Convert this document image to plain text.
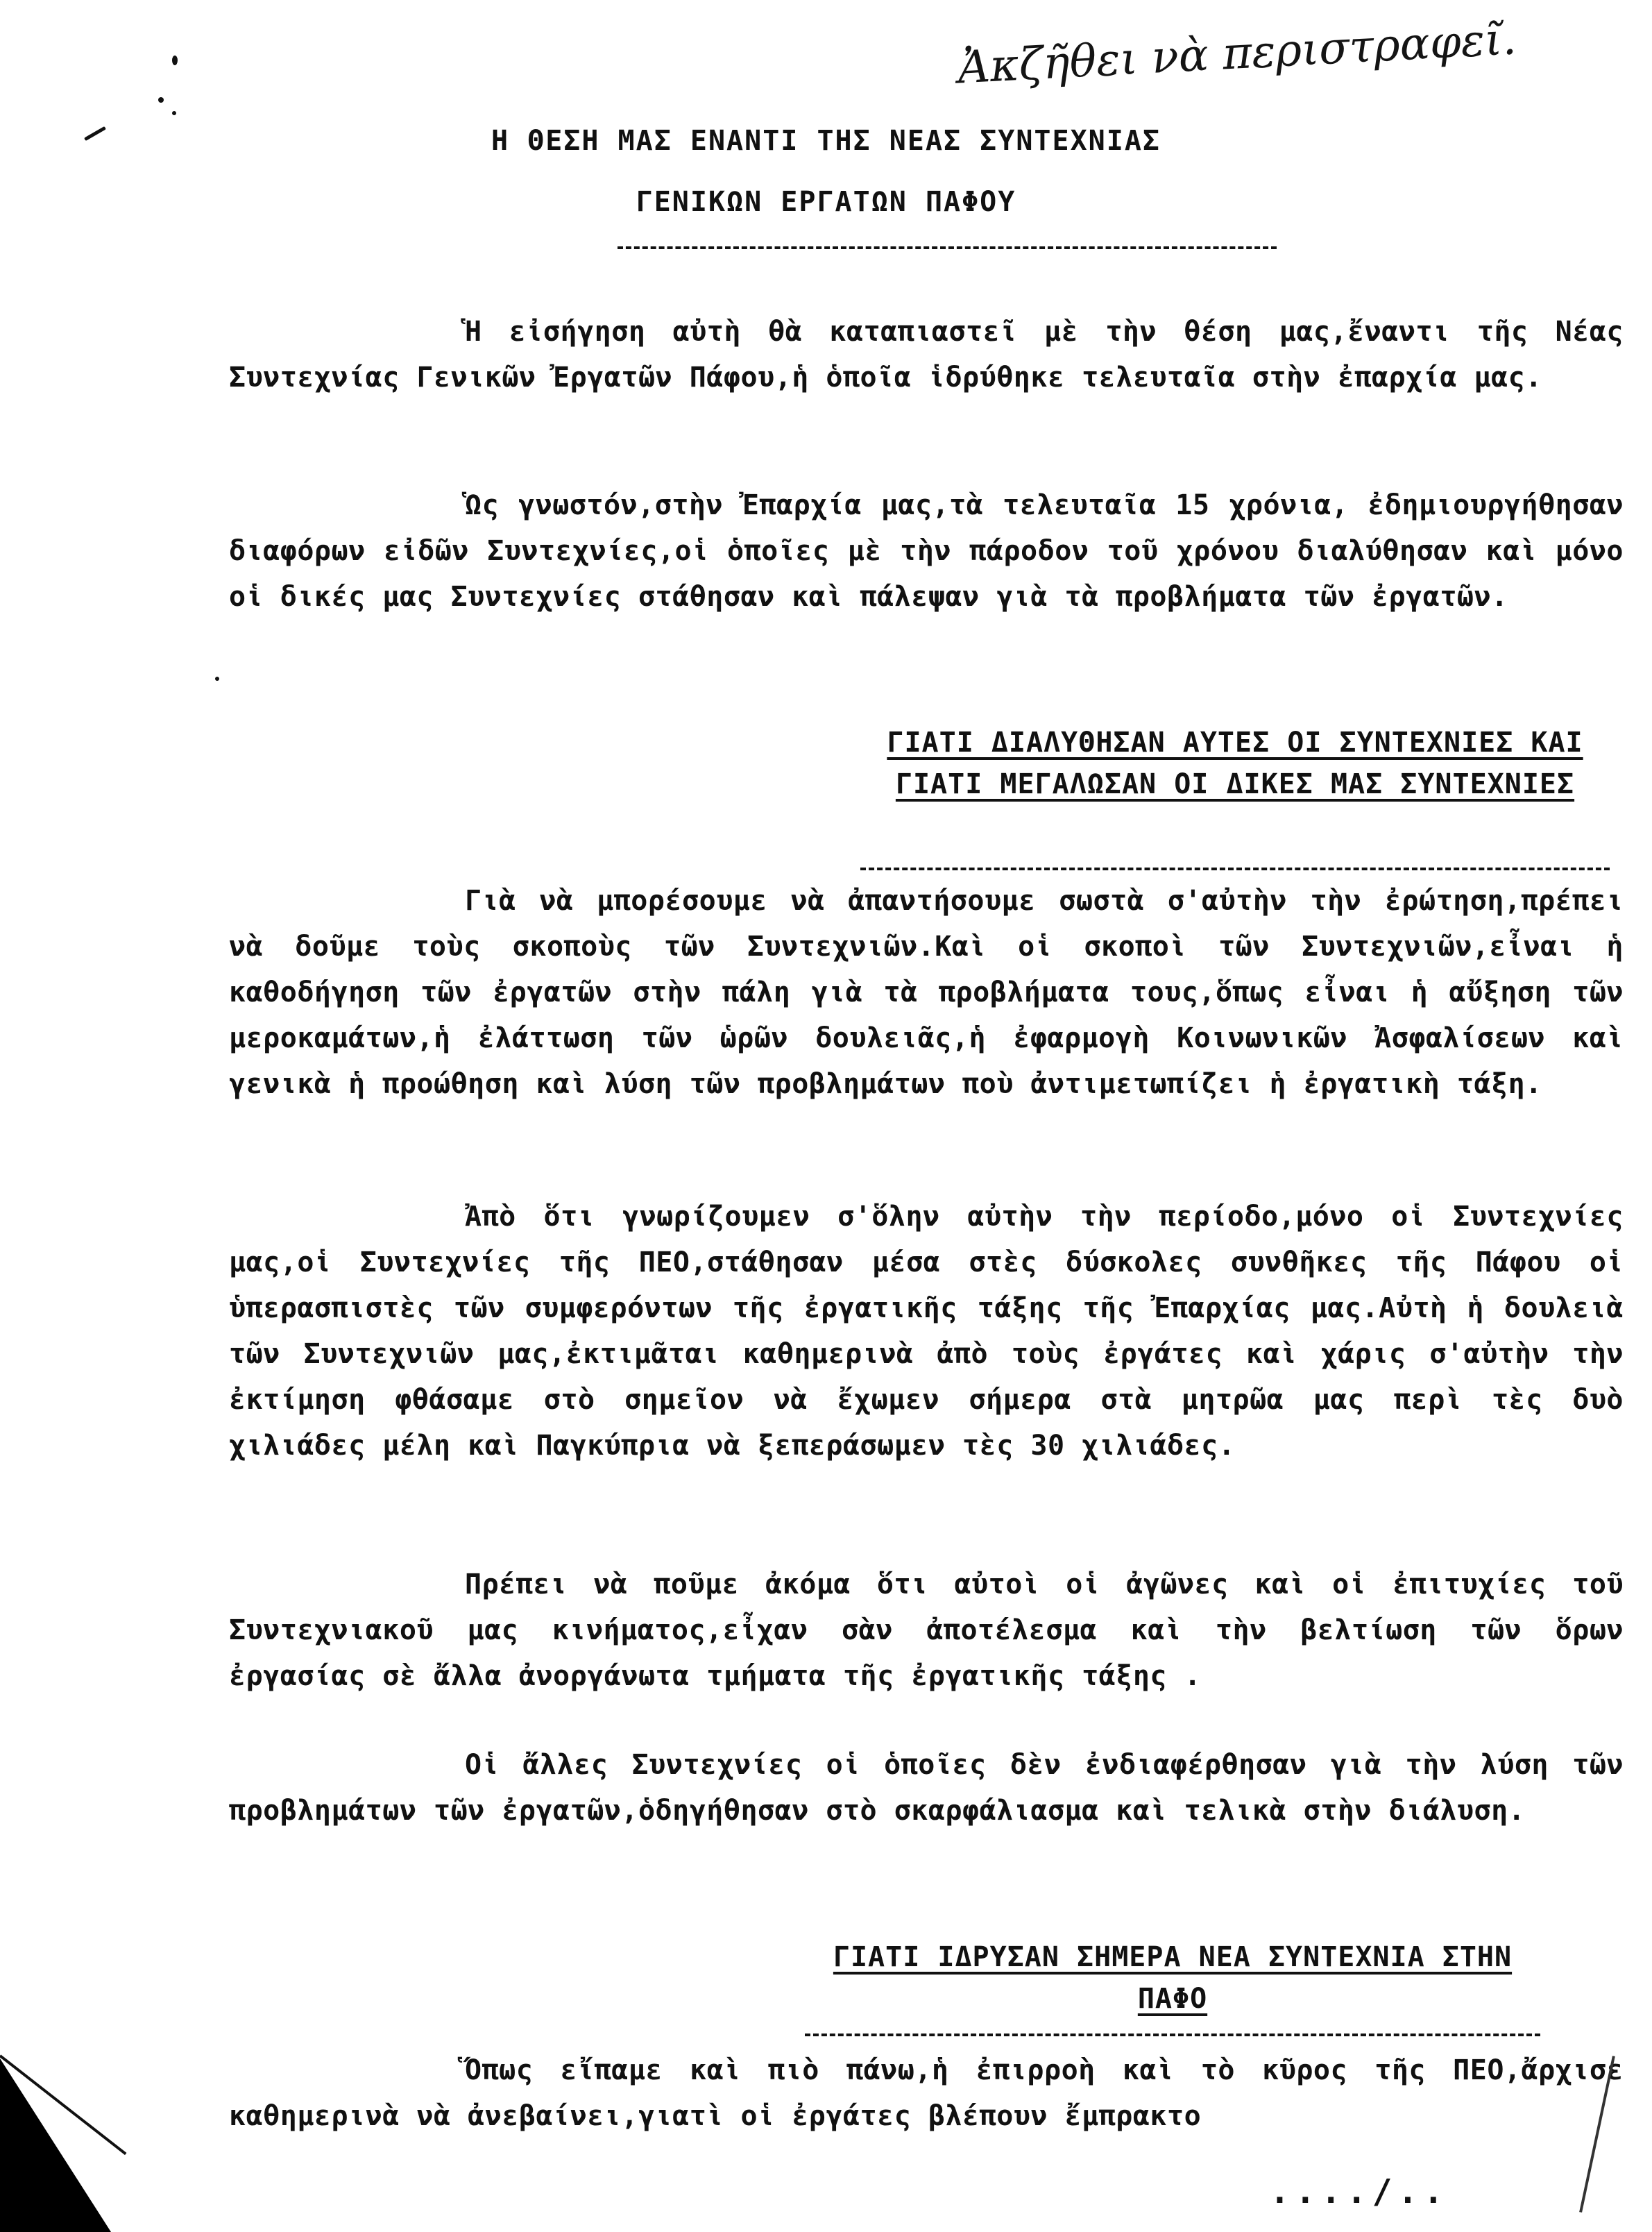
Ἀκζῆθει νὰ περιστραφεῖ.
Η ΘΕΣΗ ΜΑΣ ΕΝΑΝΤΙ ΤΗΣ ΝΕΑΣ ΣΥΝΤΕΧΝΙΑΣ
ΓΕΝΙΚΩΝ ΕΡΓΑΤΩΝ ΠΑΦΟΥ

Ἡ εἰσήγηση αὐτὴ θὰ καταπιαστεῖ μὲ τὴν θέση μας,ἔναντι τῆς Νέας Συντεχνίας Γενικῶν Ἐργατῶν Πάφου,ἡ ὁποῖα ἱδρύθηκε τελευταῖα στὴν ἐπαρχία μας.

Ὡς γνωστόν,στὴν Ἐπαρχία μας,τὰ τελευταῖα 15 χρόνια, ἐδημιουργήθησαν διαφόρων εἰδῶν Συντεχνίες,οἱ ὁποῖες μὲ τὴν πάροδον τοῦ χρόνου διαλύθησαν καὶ μόνο οἱ δικές μας Συντεχνίες στάθησαν καὶ πάλεψαν γιὰ τὰ προβλήματα τῶν ἐργατῶν.

ΓΙΑΤΙ ΔΙΑΛΥΘΗΣΑΝ ΑΥΤΕΣ ΟΙ ΣΥΝΤΕΧΝΙΕΣ ΚΑΙ ΓΙΑΤΙ ΜΕΓΑΛΩΣΑΝ ΟΙ ΔΙΚΕΣ ΜΑΣ ΣΥΝΤΕΧΝΙΕΣ

Γιὰ νὰ μπορέσουμε νὰ ἀπαντήσουμε σωστὰ σ'αὐτὴν τὴν ἐρώτηση,πρέπει νὰ δοῦμε τοὺς σκοποὺς τῶν Συντεχνιῶν.Καὶ οἱ σκοποὶ τῶν Συντεχνιῶν,εἶναι ἡ καθοδήγηση τῶν ἐργατῶν στὴν πάλη γιὰ τὰ προβλήματα τους,ὅπως εἶναι ἡ αὔξηση τῶν μεροκαμάτων,ἡ ἐλάττωση τῶν ὡρῶν δουλειᾶς,ἡ ἐφαρμογὴ Κοινωνικῶν Ἀσφαλίσεων καὶ γενικὰ ἡ προώθηση καὶ λύση τῶν προβλημάτων ποὺ ἀντιμετωπίζει ἡ ἐργατικὴ τάξη.

Ἀπὸ ὅτι γνωρίζουμεν σ'ὅλην αὐτὴν τὴν περίοδο,μόνο οἱ Συντεχνίες μας,οἱ Συντεχνίες τῆς ΠΕΟ,στάθησαν μέσα στὲς δύσκολες συνθῆκες τῆς Πάφου οἱ ὑπερασπιστὲς τῶν συμφερόντων τῆς ἐργατικῆς τάξης τῆς Ἐπαρχίας μας.Αὐτὴ ἡ δουλειὰ τῶν Συντεχνιῶν μας,ἐκτιμᾶται καθημερινὰ ἀπὸ τοὺς ἐργάτες καὶ χάρις σ'αὐτὴν τὴν ἐκτίμηση φθάσαμε στὸ σημεῖον νὰ ἔχωμεν σήμερα στὰ μητρῶα μας περὶ τὲς δυὸ χιλιάδες μέλη καὶ Παγκύπρια νὰ ξεπεράσωμεν τὲς 30 χιλιάδες.

Πρέπει νὰ ποῦμε ἀκόμα ὅτι αὐτοὶ οἱ ἀγῶνες καὶ οἱ ἐπιτυχίες τοῦ Συντεχνιακοῦ μας κινήματος,εἶχαν σὰν ἀποτέλεσμα καὶ τὴν βελτίωση τῶν ὅρων ἐργασίας σὲ ἄλλα ἀνοργάνωτα τμήματα τῆς ἐργατικῆς τάξης .

Οἱ ἄλλες Συντεχνίες οἱ ὁποῖες δὲν ἐνδιαφέρθησαν γιὰ τὴν λύση τῶν προβλημάτων τῶν ἐργατῶν,ὁδηγήθησαν στὸ σκαρφάλιασμα καὶ τελικὰ στὴν διάλυση.

ΓΙΑΤΙ ΙΔΡΥΣΑΝ ΣΗΜΕΡΑ ΝΕΑ ΣΥΝΤΕΧΝΙΑ ΣΤΗΝ ΠΑΦΟ

Ὅπως εἴπαμε καὶ πιὸ πάνω,ἡ ἐπιρροὴ καὶ τὸ κῦρος τῆς ΠΕΟ,ἄρχισε καθημερινὰ νὰ ἀνεβαίνει,γιατὶ οἱ ἐργάτες βλέπουν ἔμπρακτο

..../..
